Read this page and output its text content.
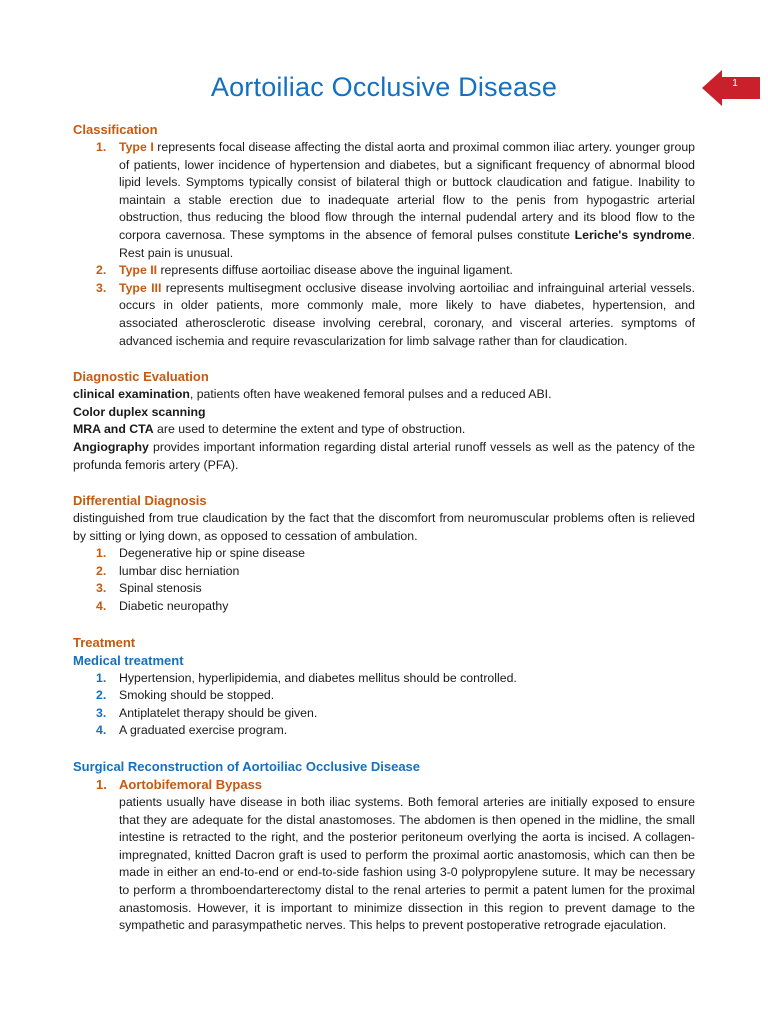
Aortoiliac Occlusive Disease	1
Classification
1. Type I represents focal disease affecting the distal aorta and proximal common iliac artery. younger group of patients, lower incidence of hypertension and diabetes, but a significant frequency of abnormal blood lipid levels. Symptoms typically consist of bilateral thigh or buttock claudication and fatigue. Inability to maintain a stable erection due to inadequate arterial flow to the penis from hypogastric arterial obstruction, thus reducing the blood flow through the internal pudendal artery and its blood flow to the corpora cavernosa. These symptoms in the absence of femoral pulses constitute Leriche's syndrome. Rest pain is unusual.
2. Type II represents diffuse aortoiliac disease above the inguinal ligament.
3. Type III represents multisegment occlusive disease involving aortoiliac and infrainguinal arterial vessels. occurs in older patients, more commonly male, more likely to have diabetes, hypertension, and associated atherosclerotic disease involving cerebral, coronary, and visceral arteries. symptoms of advanced ischemia and require revascularization for limb salvage rather than for claudication.
Diagnostic Evaluation

clinical examination, patients often have weakened femoral pulses and a reduced ABI.

Color duplex scanning

MRA and CTA are used to determine the extent and type of obstruction.

Angiography provides important information regarding distal arterial runoff vessels as well as the patency of the profunda femoris artery (PFA).

Differential Diagnosis

distinguished from true claudication by the fact that the discomfort from neuromuscular problems often is relieved by sitting or lying down, as opposed to cessation of ambulation.

1. Degenerative hip or spine disease
2. lumbar disc herniation
3. Spinal stenosis
4. Diabetic neuropathy
Treatment
Medical treatment
1. Hypertension, hyperlipidemia, and diabetes mellitus should be controlled.
2. Smoking should be stopped.
3. Antiplatelet therapy should be given.
4. A graduated exercise program.
Surgical Reconstruction of Aortoiliac Occlusive Disease
1. Aortobifemoral Bypass

patients usually have disease in both iliac systems. Both femoral arteries are initially exposed to ensure that they are adequate for the distal anastomoses. The abdomen is then opened in the midline, the small intestine is retracted to the right, and the posterior peritoneum overlying the aorta is incised. A collagen-impregnated, knitted Dacron graft is used to perform the proximal aortic anastomosis, which can then be made in either an end-to-end or end-to-side fashion using 3-0 polypropylene suture. It may be necessary to perform a thromboendarterectomy distal to the renal arteries to permit a patent lumen for the proximal anastomosis. However, it is important to minimize dissection in this region to prevent damage to the sympathetic and parasympathetic nerves. This helps to prevent postoperative retrograde ejaculation.
